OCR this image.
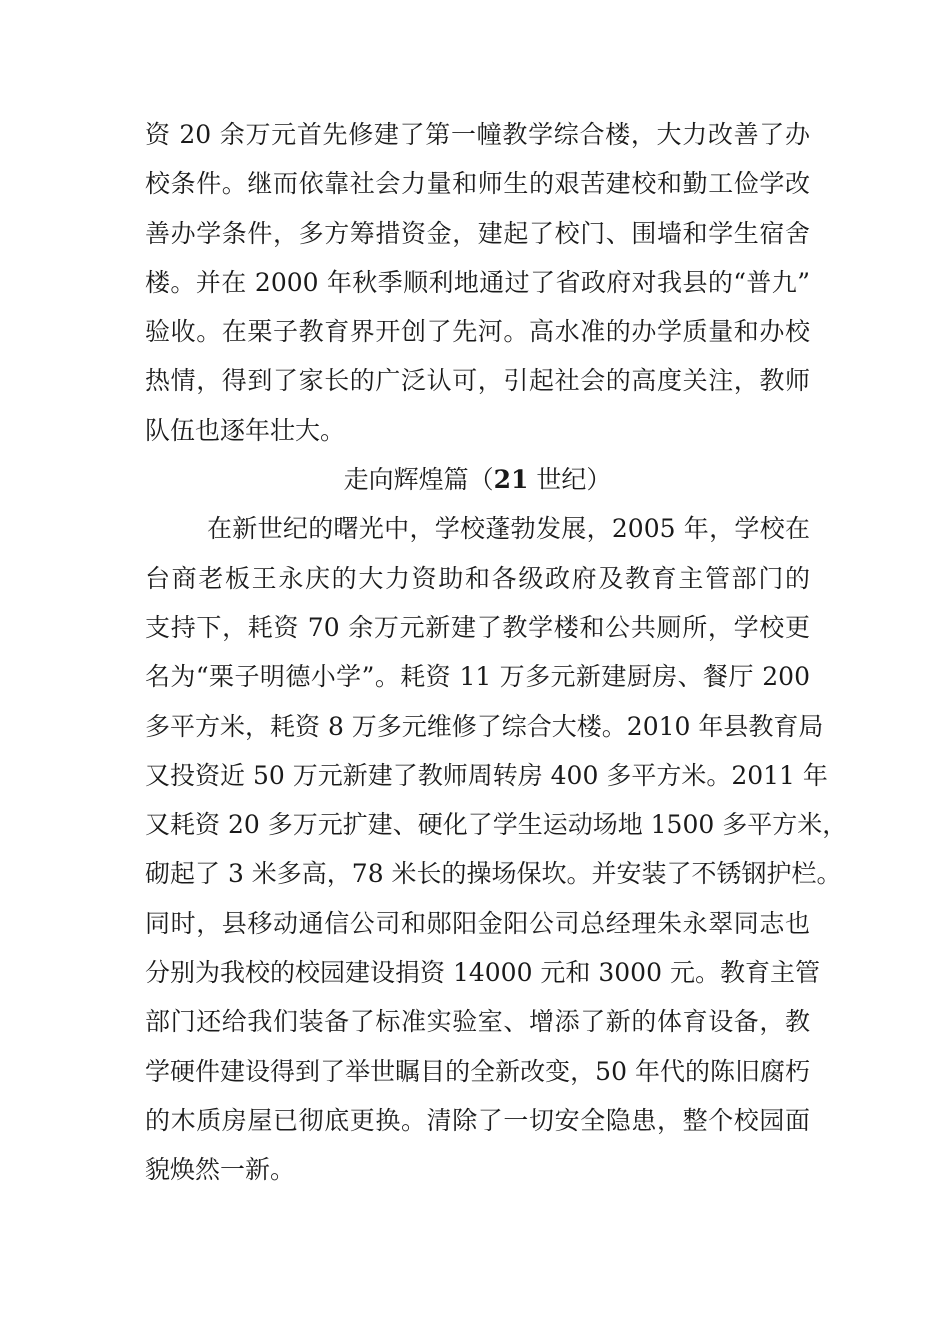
资 20 余万元首先修建了第一幢教学综合楼，大力改善了办
校条件。继而依靠社会力量和师生的艰苦建校和勤工俭学改
善办学条件，多方筹措资金，建起了校门、围墙和学生宿舍
楼。并在 2000 年秋季顺利地通过了省政府对我县的“普九”
验收。在栗子教育界开创了先河。高水准的办学质量和办校
热情，得到了家长的广泛认可，引起社会的高度关注，教师
队伍也逐年壮大。
走向辉煌篇（21 世纪）
在新世纪的曙光中，学校蓬勃发展，2005 年，学校在
台商老板王永庆的大力资助和各级政府及教育主管部门的
支持下，耗资 70 余万元新建了教学楼和公共厕所，学校更
名为“栗子明德小学”。耗资 11 万多元新建厨房、餐厅 200
多平方米，耗资 8 万多元维修了综合大楼。2010 年县教育局
又投资近 50 万元新建了教师周转房 400 多平方米。2011 年
又耗资 20 多万元扩建、硬化了学生运动场地 1500 多平方米，
砌起了 3 米多高，78 米长的操场保坎。并安装了不锈钢护栏。
同时，县移动通信公司和郧阳金阳公司总经理朱永翠同志也
分别为我校的校园建设捐资 14000 元和 3000 元。教育主管
部门还给我们装备了标准实验室、增添了新的体育设备，教
学硬件建设得到了举世瞩目的全新改变，50 年代的陈旧腐朽
的木质房屋已彻底更换。清除了一切安全隐患，整个校园面
貌焕然一新。
